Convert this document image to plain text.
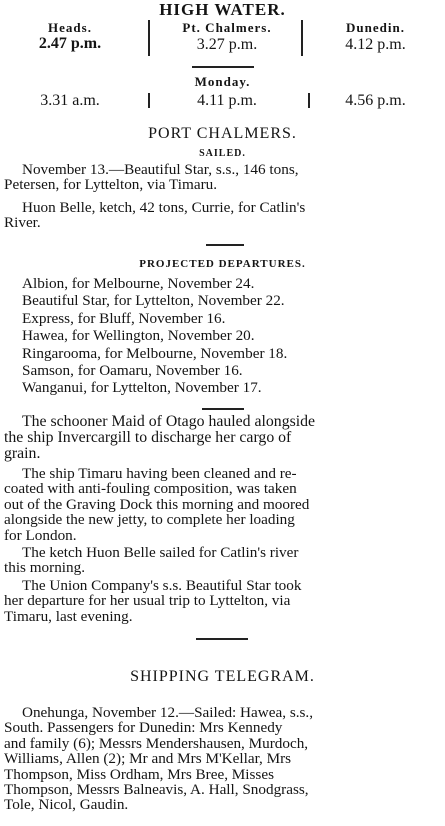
HIGH WATER.
Heads.	Pt. Chalmers.	Dunedin.
2.47 p.m.	3.27 p.m.	4.12 p.m.
Monday.
3.31 a.m.	4.11 p.m.	4.56 p.m.
PORT CHALMERS.
SAILED.
November 13.—Beautiful Star, s.s., 146 tons,
Petersen, for Lyttelton, via Timaru.
Huon Belle, ketch, 42 tons, Currie, for Catlin's
River.
PROJECTED DEPARTURES.
Albion, for Melbourne, November 24.
Beautiful Star, for Lyttelton, November 22.
Express, for Bluff, November 16.
Hawea, for Wellington, November 20.
Ringarooma, for Melbourne, November 18.
Samson, for Oamaru, November 16.
Wanganui, for Lyttelton, November 17.
The schooner Maid of Otago hauled alongside
the ship Invercargill to discharge her cargo of
grain.
The ship Timaru having been cleaned and re-
coated with anti-fouling composition, was taken
out of the Graving Dock this morning and moored
alongside the new jetty, to complete her loading
for London.
The ketch Huon Belle sailed for Catlin's river
this morning.
The Union Company's s.s. Beautiful Star took
her departure for her usual trip to Lyttelton, via
Timaru, last evening.
SHIPPING TELEGRAM.
Onehunga, November 12.—Sailed: Hawea, s.s.,
South. Passengers for Dunedin: Mrs Kennedy
and family (6); Messrs Mendershausen, Murdoch,
Williams, Allen (2); Mr and Mrs M'Kellar, Mrs
Thompson, Miss Ordham, Mrs Bree, Misses
Thompson, Messrs Balneavis, A. Hall, Snodgrass,
Tole, Nicol, Gaudin.
